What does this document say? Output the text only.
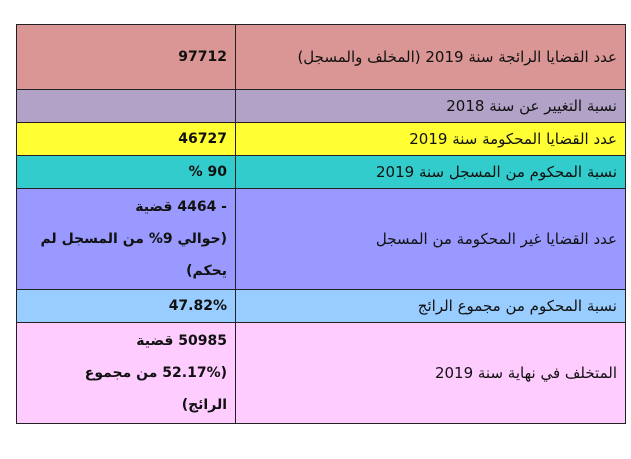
97712	عدد القضايا الرائجة سنة 2019 (المخلف والمسجل)

	نسبة التغيير عن سنة 2018

46727	عدد القضايا المحكومة سنة 2019

90 %	نسبة المحكوم من المسجل سنة 2019

- 4464 قضية
(حوالي 9% من المسجل لم
يحكم)	عدد القضايا غير المحكومة من المسجل

47.82%	نسبة المحكوم من مجموع الرائج

50985 قضية
(52.17% من مجموع
الرائج)	المتخلف في نهاية سنة 2019
